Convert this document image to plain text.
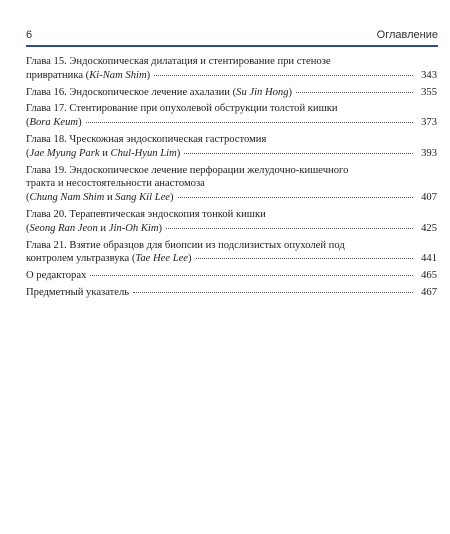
6	Оглавление
Глава 15. Эндоскопическая дилатация и стентирование при стенозе
привратника (Ki-Nam Shim)	343
Глава 16. Эндоскопическое лечение ахалазии (Su Jin Hong)	355
Глава 17. Стентирование при опухолевой обструкции толстой кишки
(Bora Keum)	373
Глава 18. Чрескожная эндоскопическая гастростомия
(Jae Myung Park и Chul-Hyun Lim)	393
Глава 19. Эндоскопическое лечение перфорации желудочно-кишечного
тракта и несостоятельности анастомоза
(Chung Nam Shim и Sang Kil Lee)	407
Глава 20. Терапевтическая эндоскопия тонкой кишки
(Seong Ran Jeon и Jin-Oh Kim)	425
Глава 21. Взятие образцов для биопсии из подслизистых опухолей под
контролем ультразвука (Tae Hee Lee)	441
О редакторах	465
Предметный указатель	467
